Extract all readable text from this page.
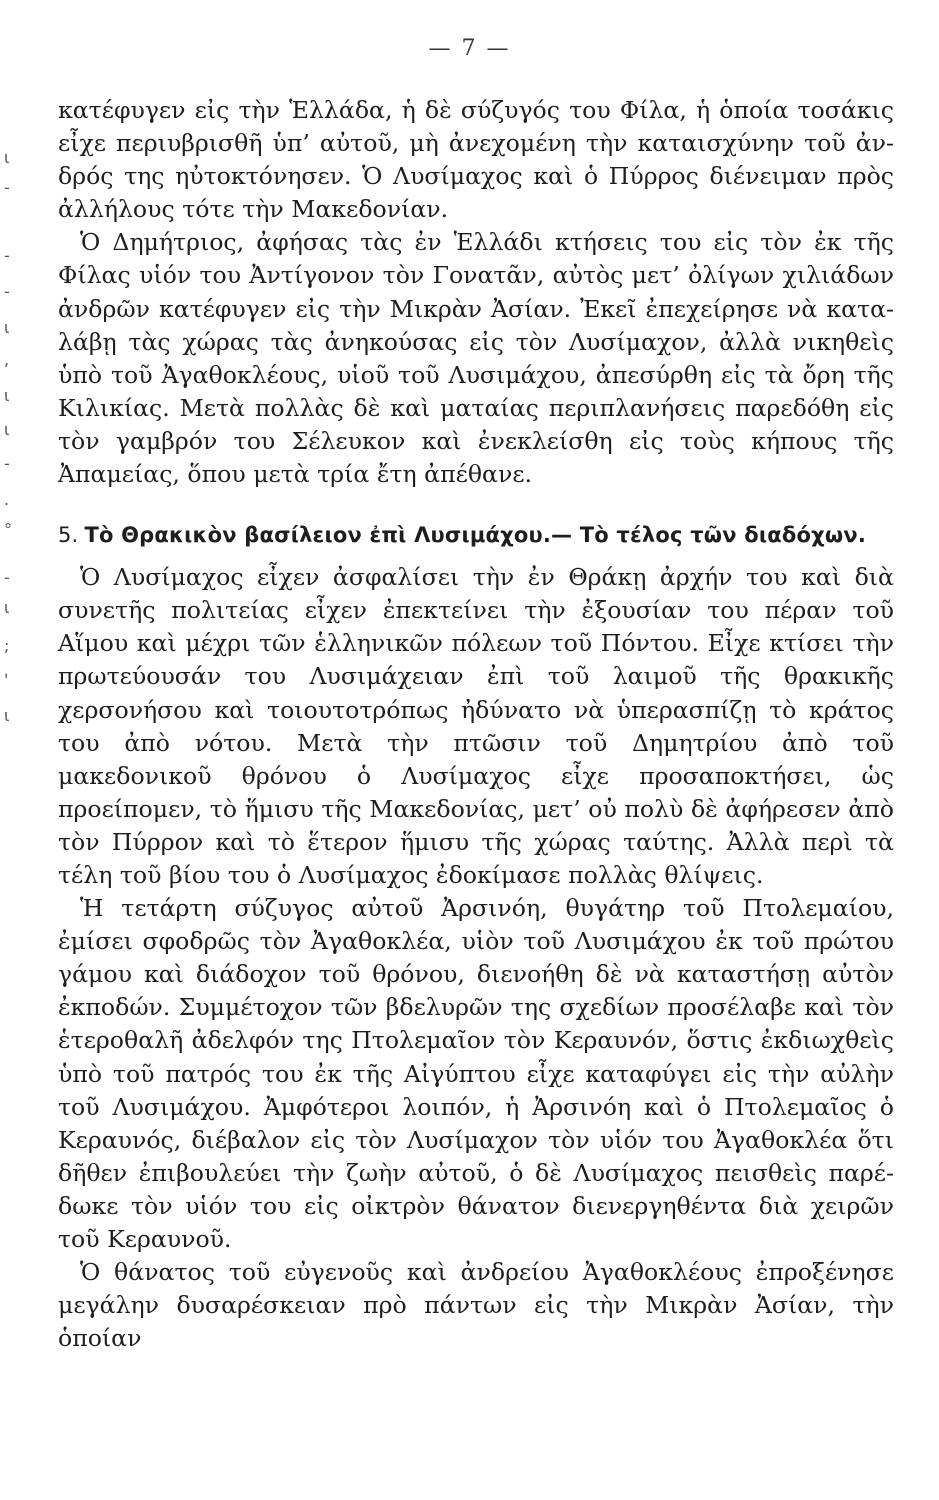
— 7 —
ι
-
-
-
ι
,
ι
ι
-
.
°
-
ι
;
'
ι

κατέφυγεν εἰς τὴν Ἑλλάδα, ἡ δὲ σύζυγός του Φίλα, ἡ ὁποία τοσάκις εἶχε περιυβρισθῆ ὑπ’ αὐτοῦ, μὴ ἀνεχομένη τὴν καταισχύνην τοῦ ἀνδρός της ηὐτοκτόνησεν. Ὁ Λυσίμαχος καὶ ὁ Πύρρος διένειμαν πρὸς ἀλλήλους τότε τὴν Μακεδονίαν.

Ὁ Δημήτριος, ἀφήσας τὰς ἐν Ἑλλάδι κτήσεις του εἰς τὸν ἐκ τῆς Φίλας υἱόν του Ἀντίγονον τὸν Γονατᾶν, αὐτὸς μετ’ ὀλίγων χιλιάδων ἀνδρῶν κατέφυγεν εἰς τὴν Μικρὰν Ἀσίαν. Ἐκεῖ ἐπεχείρησε νὰ καταλάβῃ τὰς χώρας τὰς ἀνηκούσας εἰς τὸν Λυσίμαχον, ἀλλὰ νικηθεὶς ὑπὸ τοῦ Ἀγαθοκλέους, υἱοῦ τοῦ Λυσιμάχου, ἀπεσύρθη εἰς τὰ ὄρη τῆς Κιλικίας. Μετὰ πολλὰς δὲ καὶ ματαίας περιπλανήσεις παρεδόθη εἰς τὸν γαμβρόν του Σέλευκον καὶ ἐνεκλείσθη εἰς τοὺς κήπους τῆς Ἀπαμείας, ὅπου μετὰ τρία ἔτη ἀπέθανε.

5. Τὸ Θρακικὸν βασίλειον ἐπὶ Λυσιμάχου.— Τὸ τέλος τῶν διαδόχων.

Ὁ Λυσίμαχος εἶχεν ἀσφαλίσει τὴν ἐν Θράκῃ ἀρχήν του καὶ διὰ συνετῆς πολιτείας εἶχεν ἐπεκτείνει τὴν ἐξουσίαν του πέραν τοῦ Αἵμου καὶ μέχρι τῶν ἑλληνικῶν πόλεων τοῦ Πόντου. Εἶχε κτίσει τὴν πρωτεύουσάν του Λυσιμάχειαν ἐπὶ τοῦ λαιμοῦ τῆς θρακικῆς χερσονήσου καὶ τοιουτοτρόπως ἠδύνατο νὰ ὑπερασπίζῃ τὸ κράτος του ἀπὸ νότου. Μετὰ τὴν πτῶσιν τοῦ Δημητρίου ἀπὸ τοῦ μακεδονικοῦ θρόνου ὁ Λυσίμαχος εἶχε προσαποκτήσει, ὡς προείπομεν, τὸ ἥμισυ τῆς Μακεδονίας, μετ’ οὐ πολὺ δὲ ἀφήρεσεν ἀπὸ τὸν Πύρρον καὶ τὸ ἕτερον ἥμισυ τῆς χώρας ταύτης. Ἀλλὰ περὶ τὰ τέλη τοῦ βίου του ὁ Λυσίμαχος ἐδοκίμασε πολλὰς θλίψεις.

Ἡ τετάρτη σύζυγος αὐτοῦ Ἀρσινόη, θυγάτηρ τοῦ Πτολεμαίου, ἐμίσει σφοδρῶς τὸν Ἀγαθοκλέα, υἱὸν τοῦ Λυσιμάχου ἐκ τοῦ πρώτου γάμου καὶ διάδοχον τοῦ θρόνου, διενοήθη δὲ νὰ καταστήσῃ αὐτὸν ἐκποδών. Συμμέτοχον τῶν βδελυρῶν της σχεδίων προσέλαβε καὶ τὸν ἑτεροθαλῆ ἀδελφόν της Πτολεμαῖον τὸν Κεραυνόν, ὅστις ἐκδιωχθεὶς ὑπὸ τοῦ πατρός του ἐκ τῆς Αἰγύπτου εἶχε καταφύγει εἰς τὴν αὐλὴν τοῦ Λυσιμάχου. Ἀμφότεροι λοιπόν, ἡ Ἀρσινόη καὶ ὁ Πτολεμαῖος ὁ Κεραυνός, διέβαλον εἰς τὸν Λυσίμαχον τὸν υἱόν του Ἀγαθοκλέα ὅτι δῆθεν ἐπιβουλεύει τὴν ζωὴν αὐτοῦ, ὁ δὲ Λυσίμαχος πεισθεὶς παρέδωκε τὸν υἱόν του εἰς οἰκτρὸν θάνατον διενεργηθέντα διὰ χειρῶν τοῦ Κεραυνοῦ.

Ὁ θάνατος τοῦ εὐγενοῦς καὶ ἀνδρείου Ἀγαθοκλέους ἐπροξένησε μεγάλην δυσαρέσκειαν πρὸ πάντων εἰς τὴν Μικρὰν Ἀσίαν, τὴν ὁποίαν
